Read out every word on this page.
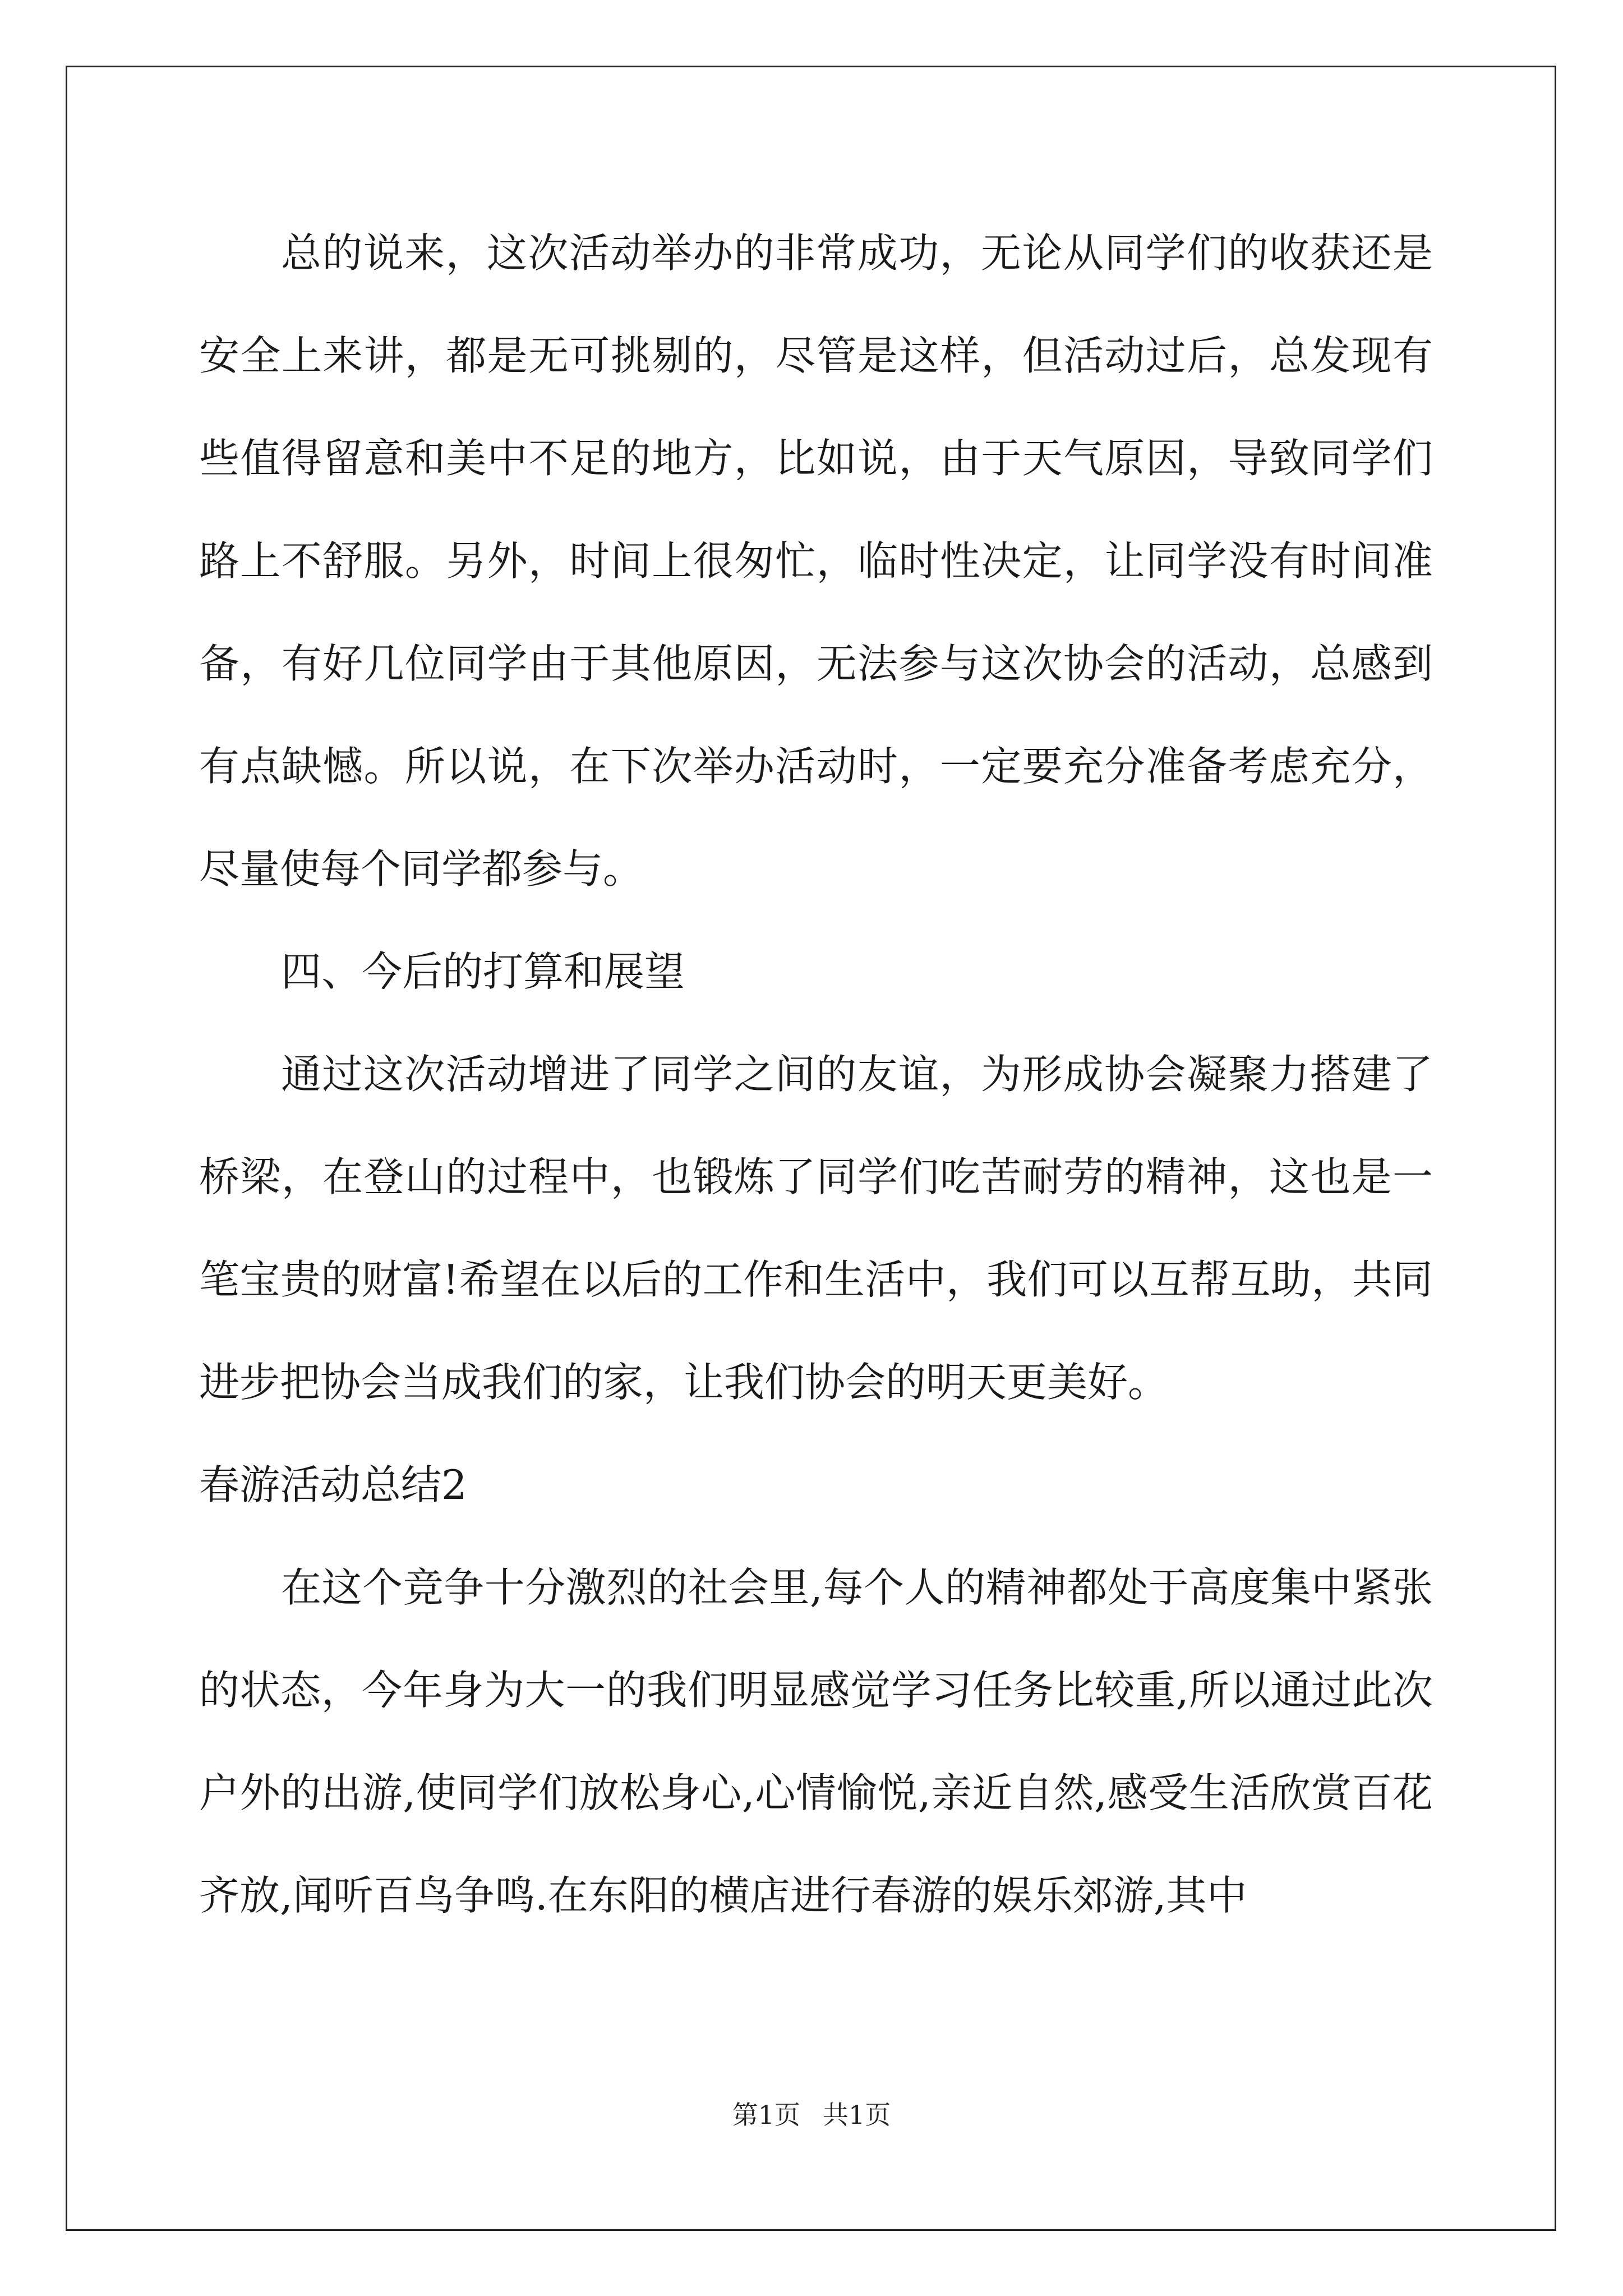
总的说来，这次活动举办的非常成功，无论从同学们的收获还是安全上来讲，都是无可挑剔的，尽管是这样，但活动过后，总发现有些值得留意和美中不足的地方，比如说，由于天气原因，导致同学们路上不舒服。另外，时间上很匆忙，临时性决定，让同学没有时间准备，有好几位同学由于其他原因，无法参与这次协会的活动，总感到有点缺憾。所以说，在下次举办活动时，一定要充分准备考虑充分，尽量使每个同学都参与。

四、今后的打算和展望

通过这次活动增进了同学之间的友谊，为形成协会凝聚力搭建了桥梁，在登山的过程中，也锻炼了同学们吃苦耐劳的精神，这也是一笔宝贵的财富!希望在以后的工作和生活中，我们可以互帮互助，共同进步把协会当成我们的家，让我们协会的明天更美好。

春游活动总结2

在这个竞争十分激烈的社会里,每个人的精神都处于高度集中紧张的状态，今年身为大一的我们明显感觉学习任务比较重,所以通过此次户外的出游,使同学们放松身心,心情愉悦,亲近自然,感受生活欣赏百花齐放,闻听百鸟争鸣.在东阳的横店进行春游的娱乐郊游,其中

第1页 共1页
